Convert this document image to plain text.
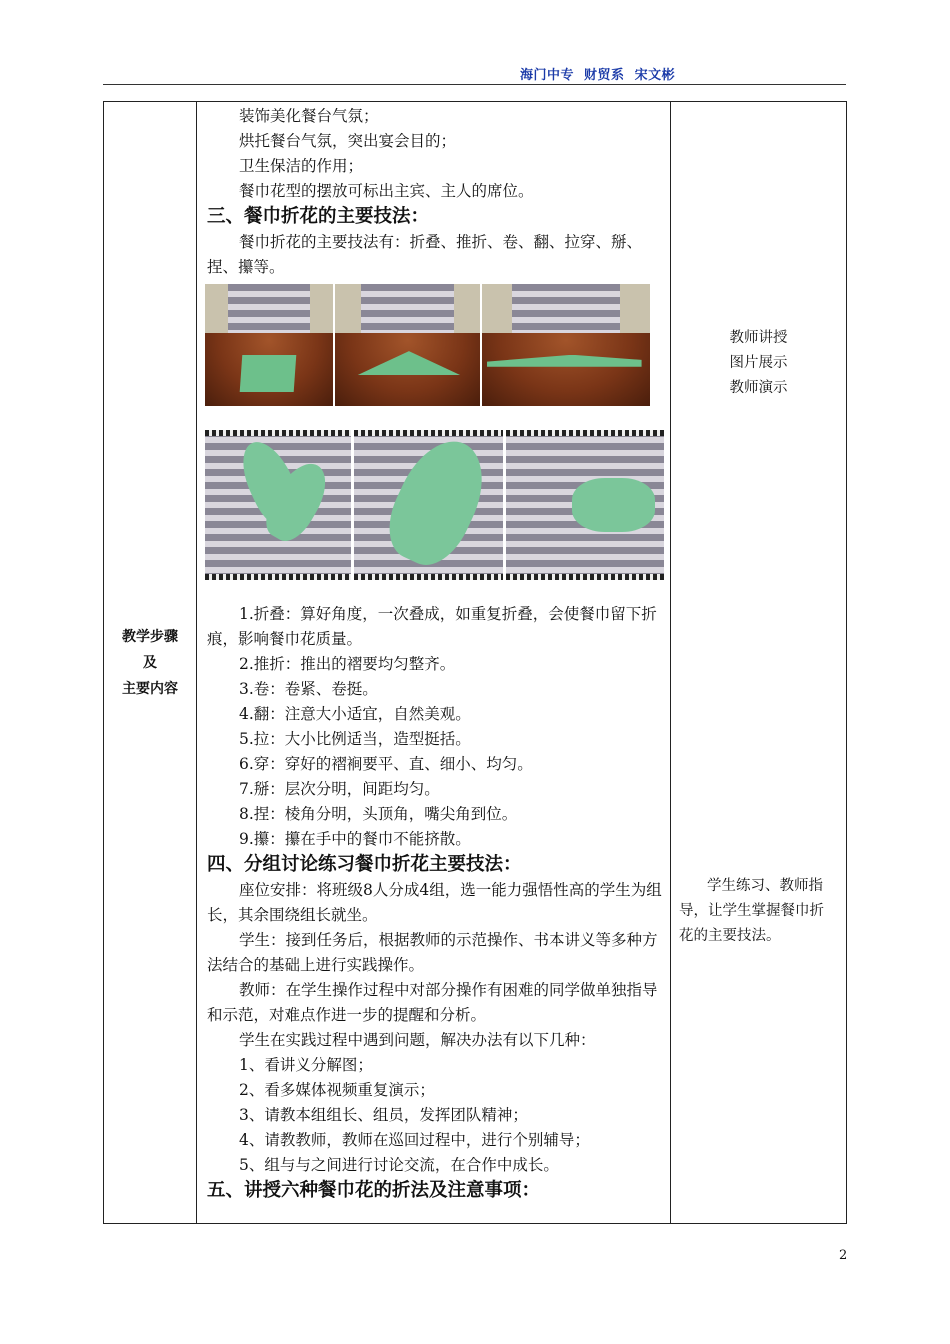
海门中专  财贸系  宋文彬
教学步骤
及
主要内容

装饰美化餐台气氛；

烘托餐台气氛，突出宴会目的；

卫生保洁的作用；

餐巾花型的摆放可标出主宾、主人的席位。

三、餐巾折花的主要技法：

餐巾折花的主要技法有：折叠、推折、卷、翻、拉穿、掰、捏、攥等。

1.折叠：算好角度，一次叠成，如重复折叠，会使餐巾留下折痕，影响餐巾花质量。

2.推折：推出的褶要均匀整齐。

3.卷：卷紧、卷挺。

4.翻：注意大小适宜，自然美观。

5.拉：大小比例适当，造型挺括。

6.穿：穿好的褶裥要平、直、细小、均匀。

7.掰：层次分明，间距均匀。

8.捏：棱角分明，头顶角，嘴尖角到位。

9.攥：攥在手中的餐巾不能挤散。

四、分组讨论练习餐巾折花主要技法：

座位安排：将班级8人分成4组，选一能力强悟性高的学生为组长，其余围绕组长就坐。

学生：接到任务后，根据教师的示范操作、书本讲义等多种方法结合的基础上进行实践操作。

教师：在学生操作过程中对部分操作有困难的同学做单独指导和示范，对难点作进一步的提醒和分析。

学生在实践过程中遇到问题，解决办法有以下几种：

1、看讲义分解图；

2、看多媒体视频重复演示；

3、请教本组组长、组员，发挥团队精神；

4、请教教师，教师在巡回过程中，进行个别辅导；

5、组与与之间进行讨论交流，在合作中成长。

五、讲授六种餐巾花的折法及注意事项：

教师讲授
图片展示
教师演示
学生练习、教师指导，让学生掌握餐巾折花的主要技法。
2
